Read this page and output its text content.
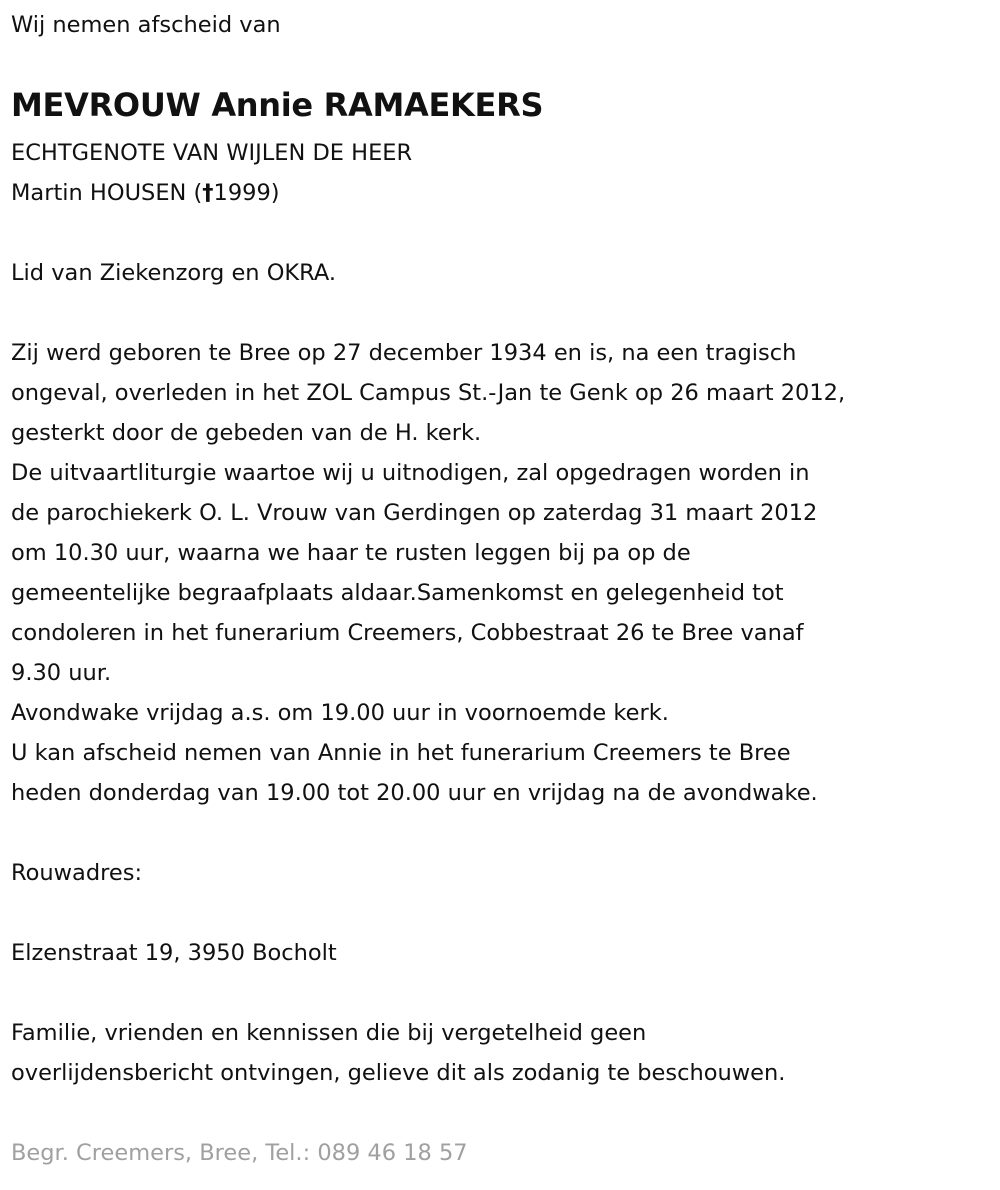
Wij nemen afscheid van
MEVROUW Annie RAMAEKERS
ECHTGENOTE VAN WIJLEN DE HEER
Martin HOUSEN (†1999)
Lid van Ziekenzorg en OKRA.
Zij werd geboren te Bree op 27 december 1934 en is, na een tragisch
ongeval, overleden in het ZOL Campus St.-Jan te Genk op 26 maart 2012,
gesterkt door de gebeden van de H. kerk.
De uitvaartliturgie waartoe wij u uitnodigen, zal opgedragen worden in
de parochiekerk O. L. Vrouw van Gerdingen op zaterdag 31 maart 2012
om 10.30 uur, waarna we haar te rusten leggen bij pa op de
gemeentelijke begraafplaats aldaar.Samenkomst en gelegenheid tot
condoleren in het funerarium Creemers, Cobbestraat 26 te Bree vanaf
9.30 uur.
Avondwake vrijdag a.s. om 19.00 uur in voornoemde kerk.
U kan afscheid nemen van Annie in het funerarium Creemers te Bree
heden donderdag van 19.00 tot 20.00 uur en vrijdag na de avondwake.
Rouwadres:
Elzenstraat 19, 3950 Bocholt
Familie, vrienden en kennissen die bij vergetelheid geen
overlijdensbericht ontvingen, gelieve dit als zodanig te beschouwen.
Begr. Creemers, Bree, Tel.: 089 46 18 57
